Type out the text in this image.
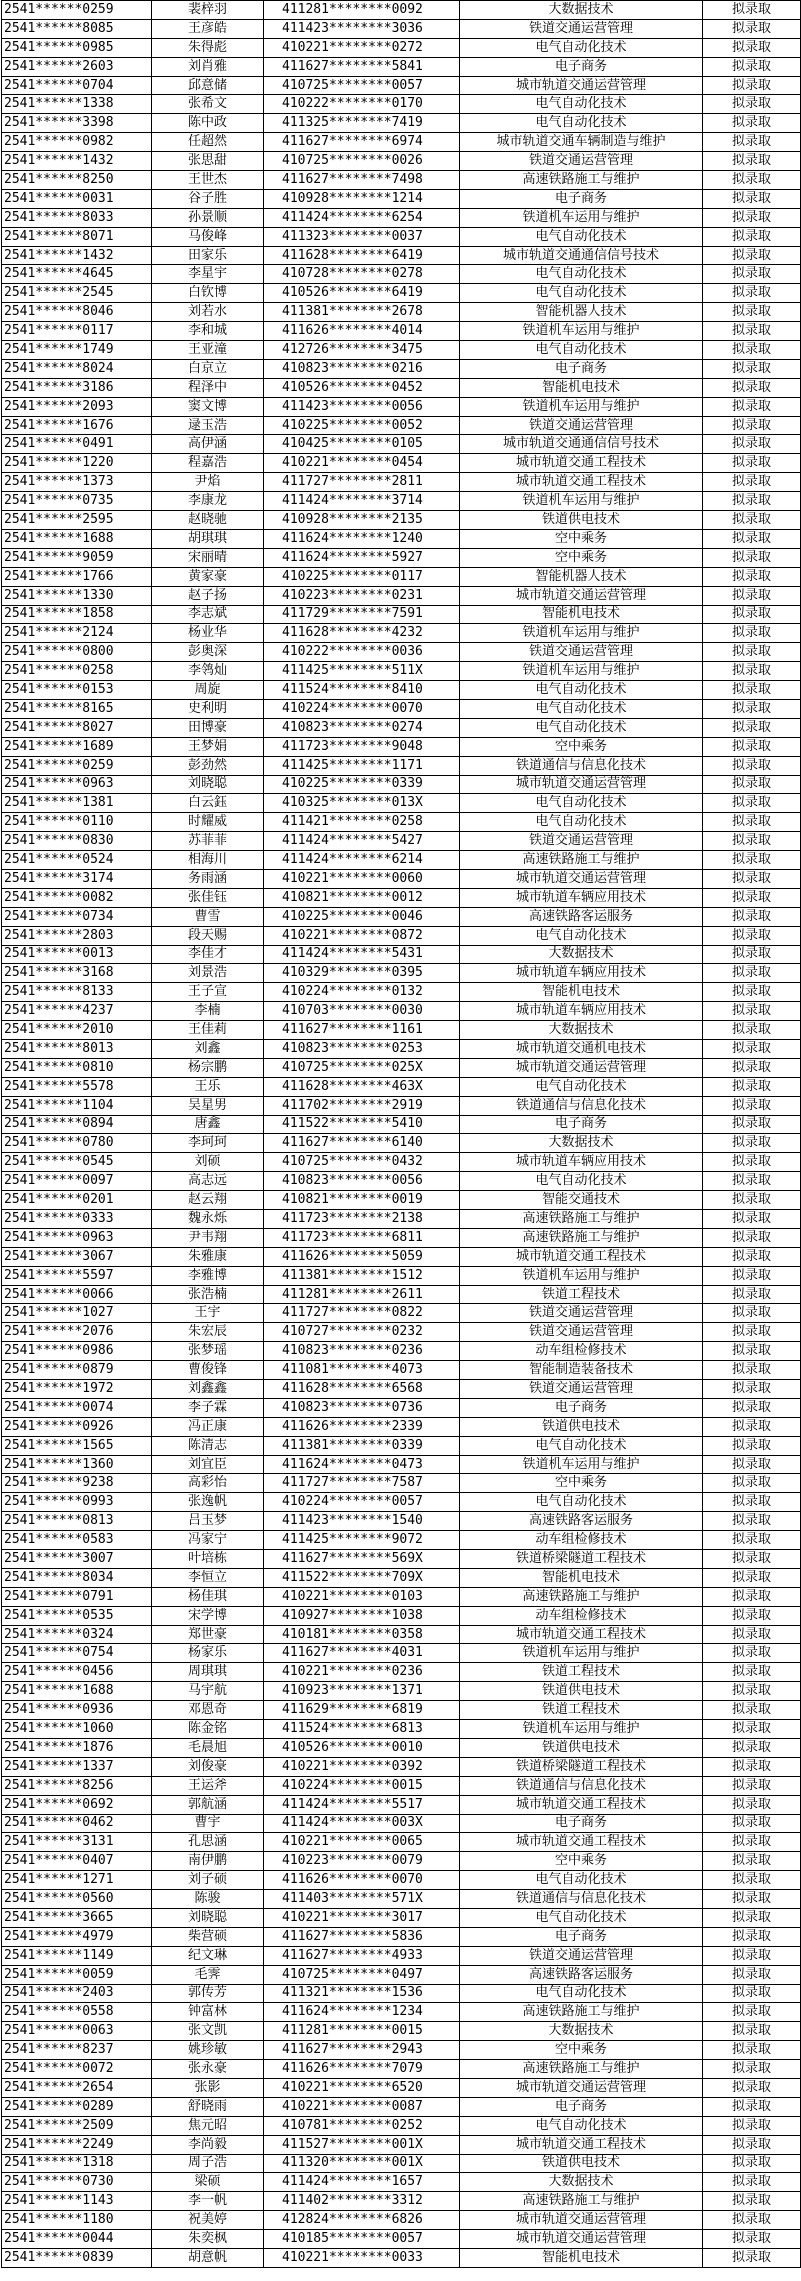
2541******0259	裴梓羽	411281********0092	大数据技术	拟录取
2541******8085	王彦皓	411423********3036	铁道交通运营管理	拟录取
2541******0985	朱得彪	410221********0272	电气自动化技术	拟录取
2541******2603	刘肖雅	411627********5841	电子商务	拟录取
2541******0704	邱意储	410725********0057	城市轨道交通运营管理	拟录取
2541******1338	张希文	410222********0170	电气自动化技术	拟录取
2541******3398	陈中政	411325********7419	电气自动化技术	拟录取
2541******0982	任超然	411627********6974	城市轨道交通车辆制造与维护	拟录取
2541******1432	张思甜	410725********0026	铁道交通运营管理	拟录取
2541******8250	王世杰	411627********7498	高速铁路施工与维护	拟录取
2541******0031	谷子胜	410928********1214	电子商务	拟录取
2541******8033	孙景顺	411424********6254	铁道机车运用与维护	拟录取
2541******8071	马俊峰	411323********0037	电气自动化技术	拟录取
2541******1432	田家乐	411628********6419	城市轨道交通通信信号技术	拟录取
2541******4645	李星宇	410728********0278	电气自动化技术	拟录取
2541******2545	白钦博	410526********6419	电气自动化技术	拟录取
2541******8046	刘若水	411381********2678	智能机器人技术	拟录取
2541******0117	李和城	411626********4014	铁道机车运用与维护	拟录取
2541******1749	王亚潼	412726********3475	电气自动化技术	拟录取
2541******8024	白京立	410823********0216	电子商务	拟录取
2541******3186	程泽中	410526********0452	智能机电技术	拟录取
2541******2093	窦文博	411423********0056	铁道机车运用与维护	拟录取
2541******1676	逯玉浩	410225********0052	铁道交通运营管理	拟录取
2541******0491	高伊涵	410425********0105	城市轨道交通通信信号技术	拟录取
2541******1220	程嘉浩	410221********0454	城市轨道交通工程技术	拟录取
2541******1373	尹焰	411727********2811	城市轨道交通工程技术	拟录取
2541******0735	李康龙	411424********3714	铁道机车运用与维护	拟录取
2541******2595	赵晓驰	410928********2135	铁道供电技术	拟录取
2541******1688	胡琪琪	411624********1240	空中乘务	拟录取
2541******9059	宋丽晴	411624********5927	空中乘务	拟录取
2541******1766	黄家豪	410225********0117	智能机器人技术	拟录取
2541******1330	赵子扬	410223********0231	城市轨道交通运营管理	拟录取
2541******1858	李志斌	411729********7591	智能机电技术	拟录取
2541******2124	杨业华	411628********4232	铁道机车运用与维护	拟录取
2541******0800	彭奥深	410222********0036	铁道交通运营管理	拟录取
2541******0258	李鸰灿	411425********511X	铁道机车运用与维护	拟录取
2541******0153	周旋	411524********8410	电气自动化技术	拟录取
2541******8165	史利明	410224********0070	电气自动化技术	拟录取
2541******8027	田博豪	410823********0274	电气自动化技术	拟录取
2541******1689	王梦娟	411723********9048	空中乘务	拟录取
2541******0259	彭劲然	411425********1171	铁道通信与信息化技术	拟录取
2541******0963	刘晓聪	410225********0339	城市轨道交通运营管理	拟录取
2541******1381	白云鈺	410325********013X	电气自动化技术	拟录取
2541******0110	时耀威	411421********0258	电气自动化技术	拟录取
2541******0830	苏菲菲	411424********5427	铁道交通运营管理	拟录取
2541******0524	相海川	411424********6214	高速铁路施工与维护	拟录取
2541******3174	务雨涵	410221********0060	城市轨道交通运营管理	拟录取
2541******0082	张佳钰	410821********0012	城市轨道车辆应用技术	拟录取
2541******0734	曹雪	410225********0046	高速铁路客运服务	拟录取
2541******2803	段天赐	410221********0872	电气自动化技术	拟录取
2541******0013	李佳才	411424********5431	大数据技术	拟录取
2541******3168	刘景浩	410329********0395	城市轨道车辆应用技术	拟录取
2541******8133	王子宣	410224********0132	智能机电技术	拟录取
2541******4237	李楠	410703********0030	城市轨道车辆应用技术	拟录取
2541******2010	王佳莉	411627********1161	大数据技术	拟录取
2541******8013	刘鑫	410823********0253	城市轨道交通机电技术	拟录取
2541******0810	杨宗鹏	410725********025X	城市轨道交通运营管理	拟录取
2541******5578	王乐	411628********463X	电气自动化技术	拟录取
2541******1104	吴星男	411702********2919	铁道通信与信息化技术	拟录取
2541******0894	唐鑫	411522********5410	电子商务	拟录取
2541******0780	李珂珂	411627********6140	大数据技术	拟录取
2541******0545	刘硕	410725********0432	城市轨道车辆应用技术	拟录取
2541******0097	高志远	410823********0056	电气自动化技术	拟录取
2541******0201	赵云翔	410821********0019	智能交通技术	拟录取
2541******0333	魏永烁	411723********2138	高速铁路施工与维护	拟录取
2541******0963	尹韦翔	411723********6811	高速铁路施工与维护	拟录取
2541******3067	朱雅康	411626********5059	城市轨道交通工程技术	拟录取
2541******5597	李雅博	411381********1512	铁道机车运用与维护	拟录取
2541******0066	张浩楠	411281********2611	铁道工程技术	拟录取
2541******1027	王宇	411727********0822	铁道交通运营管理	拟录取
2541******2076	朱宏辰	410727********0232	铁道交通运营管理	拟录取
2541******0986	张梦瑶	410823********0236	动车组检修技术	拟录取
2541******0879	曹俊锋	411081********4073	智能制造装备技术	拟录取
2541******1972	刘鑫鑫	411628********6568	铁道交通运营管理	拟录取
2541******0074	李子霖	410823********0736	电子商务	拟录取
2541******0926	冯正康	411626********2339	铁道供电技术	拟录取
2541******1565	陈清志	411381********0339	电气自动化技术	拟录取
2541******1360	刘宜臣	411624********0473	铁道机车运用与维护	拟录取
2541******9238	高彩怡	411727********7587	空中乘务	拟录取
2541******0993	张逸帆	410224********0057	电气自动化技术	拟录取
2541******0813	吕玉梦	411423********1540	高速铁路客运服务	拟录取
2541******0583	冯家宁	411425********9072	动车组检修技术	拟录取
2541******3007	叶培栋	411627********569X	铁道桥梁隧道工程技术	拟录取
2541******8034	李恒立	411522********709X	智能机电技术	拟录取
2541******0791	杨佳琪	410221********0103	高速铁路施工与维护	拟录取
2541******0535	宋学博	410927********1038	动车组检修技术	拟录取
2541******0324	郑世豪	410181********0358	城市轨道交通工程技术	拟录取
2541******0754	杨家乐	411627********4031	铁道机车运用与维护	拟录取
2541******0456	周琪琪	410221********0236	铁道工程技术	拟录取
2541******1688	马宇航	410923********1371	铁道供电技术	拟录取
2541******0936	邓恩奇	411629********6819	铁道工程技术	拟录取
2541******1060	陈金铭	411524********6813	铁道机车运用与维护	拟录取
2541******1876	毛晨旭	410526********0010	铁道供电技术	拟录取
2541******1337	刘俊豪	410221********0392	铁道桥梁隧道工程技术	拟录取
2541******8256	王运斧	410224********0015	铁道通信与信息化技术	拟录取
2541******0692	郭航涵	411424********5517	城市轨道交通工程技术	拟录取
2541******0462	曹宇	411424********003X	电子商务	拟录取
2541******3131	孔思涵	410221********0065	城市轨道交通工程技术	拟录取
2541******0407	南伊鹏	410223********0079	空中乘务	拟录取
2541******1271	刘子硕	411626********0070	电气自动化技术	拟录取
2541******0560	陈骏	411403********571X	铁道通信与信息化技术	拟录取
2541******3665	刘晓聪	410221********3017	电气自动化技术	拟录取
2541******4979	柴营硕	411627********5836	电子商务	拟录取
2541******1149	纪文琳	411627********4933	铁道交通运营管理	拟录取
2541******0059	毛霁	410725********0497	高速铁路客运服务	拟录取
2541******2403	郭传芳	411321********1536	电气自动化技术	拟录取
2541******0558	钟富林	411624********1234	高速铁路施工与维护	拟录取
2541******0063	张文凯	411281********0015	大数据技术	拟录取
2541******8237	姚珍敏	411627********2943	空中乘务	拟录取
2541******0072	张永豪	411626********7079	高速铁路施工与维护	拟录取
2541******2654	张影	410221********6520	城市轨道交通运营管理	拟录取
2541******0289	舒晓雨	410221********0087	电子商务	拟录取
2541******2509	焦元昭	410781********0252	电气自动化技术	拟录取
2541******2249	李尚毅	411527********001X	城市轨道交通工程技术	拟录取
2541******1318	周子浩	411320********001X	铁道供电技术	拟录取
2541******0730	梁硕	411424********1657	大数据技术	拟录取
2541******1143	李一帆	411402********3312	高速铁路施工与维护	拟录取
2541******1180	祝美婷	412824********6826	城市轨道交通运营管理	拟录取
2541******0044	朱奕枫	410185********0057	城市轨道交通运营管理	拟录取
2541******0839	胡意帆	410221********0033	智能机电技术	拟录取
